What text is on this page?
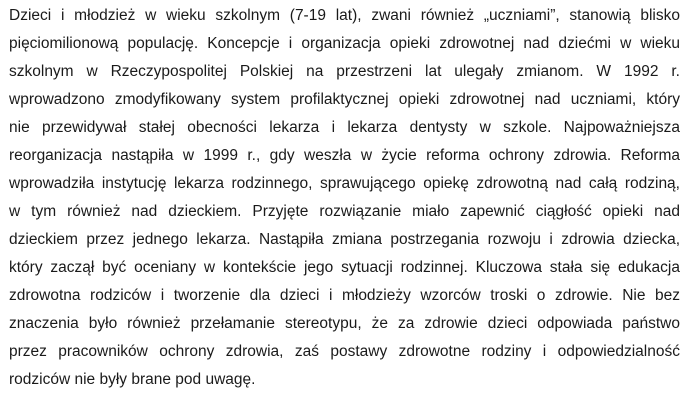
Dzieci i młodzież w wieku szkolnym (7-19 lat), zwani również „uczniami”, stanowią blisko
pięciomilionową populację. Koncepcje i organizacja opieki zdrowotnej nad dziećmi w wieku
szkolnym w Rzeczypospolitej Polskiej na przestrzeni lat ulegały zmianom. W 1992 r.
wprowadzono zmodyfikowany system profilaktycznej opieki zdrowotnej nad uczniami, który
nie przewidywał stałej obecności lekarza i lekarza dentysty w szkole. Najpoważniejsza
reorganizacja nastąpiła w 1999 r., gdy weszła w życie reforma ochrony zdrowia. Reforma
wprowadziła instytucję lekarza rodzinnego, sprawującego opiekę zdrowotną nad całą rodziną,
w tym również nad dzieckiem. Przyjęte rozwiązanie miało zapewnić ciągłość opieki nad
dzieckiem przez jednego lekarza. Nastąpiła zmiana postrzegania rozwoju i zdrowia dziecka,
który zaczął być oceniany w kontekście jego sytuacji rodzinnej. Kluczowa stała się edukacja
zdrowotna rodziców i tworzenie dla dzieci i młodzieży wzorców troski o zdrowie. Nie bez
znaczenia było również przełamanie stereotypu, że za zdrowie dzieci odpowiada państwo
przez pracowników ochrony zdrowia, zaś postawy zdrowotne rodziny i odpowiedzialność
rodziców nie były brane pod uwagę.
